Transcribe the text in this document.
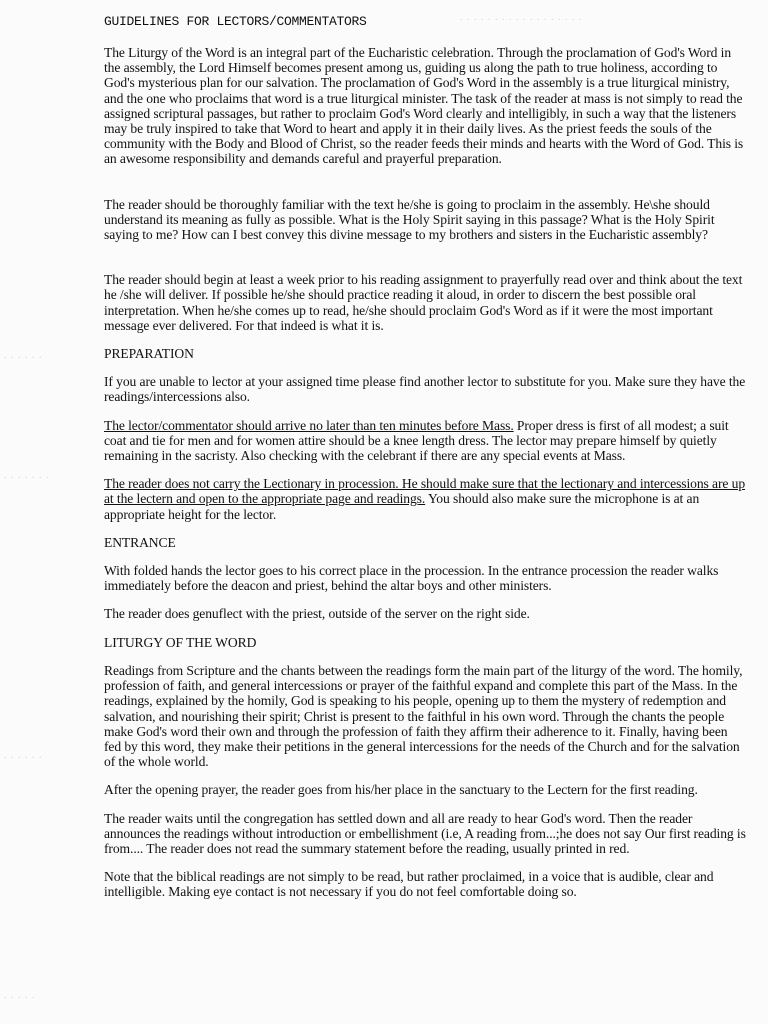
. . . . . . . . . . . . . . . . . .
. . . . . .
. . . . . . .
. . . . . .
. . . . .
GUIDELINES FOR LECTORS/COMMENTATORS

The Liturgy of the Word is an integral part of the Eucharistic celebration. Through the proclamation of God's Word in the assembly, the Lord Himself becomes present among us, guiding us along the path to true holiness, according to God's mysterious plan for our salvation. The proclamation of God's Word in the assembly is a true liturgical ministry, and the one who proclaims that word is a true liturgical minister. The task of the reader at mass is not simply to read the assigned scriptural passages, but rather to proclaim God's Word clearly and intelligibly, in such a way that the listeners may be truly inspired to take that Word to heart and apply it in their daily lives. As the priest feeds the souls of the community with the Body and Blood of Christ, so the reader feeds their minds and hearts with the Word of God. This is an awesome responsibility and demands careful and prayerful preparation.

The reader should be thoroughly familiar with the text he/she is going to proclaim in the assembly. He\she should understand its meaning as fully as possible. What is the Holy Spirit saying in this passage? What is the Holy Spirit saying to me? How can I best convey this divine message to my brothers and sisters in the Eucharistic assembly?

The reader should begin at least a week prior to his reading assignment to prayerfully read over and think about the text he /she will deliver. If possible he/she should practice reading it aloud, in order to discern the best possible oral interpretation. When he/she comes up to read, he/she should proclaim God's Word as if it were the most important message ever delivered. For that indeed is what it is.

PREPARATION

If you are unable to lector at your assigned time please find another lector to substitute for you. Make sure they have the readings/intercessions also.

The lector/commentator should arrive no later than ten minutes before Mass. Proper dress is first of all modest; a suit coat and tie for men and for women attire should be a knee length dress. The lector may prepare himself by quietly remaining in the sacristy. Also checking with the celebrant if there are any special events at Mass.

The reader does not carry the Lectionary in procession. He should make sure that the lectionary and intercessions are up at the lectern and open to the appropriate page and readings. You should also make sure the microphone is at an appropriate height for the lector.

ENTRANCE

With folded hands the lector goes to his correct place in the procession. In the entrance procession the reader walks immediately before the deacon and priest, behind the altar boys and other ministers.

The reader does genuflect with the priest, outside of the server on the right side.

LITURGY OF THE WORD

Readings from Scripture and the chants between the readings form the main part of the liturgy of the word. The homily, profession of faith, and general intercessions or prayer of the faithful expand and complete this part of the Mass. In the readings, explained by the homily, God is speaking to his people, opening up to them the mystery of redemption and salvation, and nourishing their spirit; Christ is present to the faithful in his own word. Through the chants the people make God's word their own and through the profession of faith they affirm their adherence to it. Finally, having been fed by this word, they make their petitions in the general intercessions for the needs of the Church and for the salvation of the whole world.

After the opening prayer, the reader goes from his/her place in the sanctuary to the Lectern for the first reading.

The reader waits until the congregation has settled down and all are ready to hear God's word. Then the reader announces the readings without introduction or embellishment (i.e, A reading from...;he does not say Our first reading is from.... The reader does not read the summary statement before the reading, usually printed in red.

Note that the biblical readings are not simply to be read, but rather proclaimed, in a voice that is audible, clear and intelligible. Making eye contact is not necessary if you do not feel comfortable doing so.
